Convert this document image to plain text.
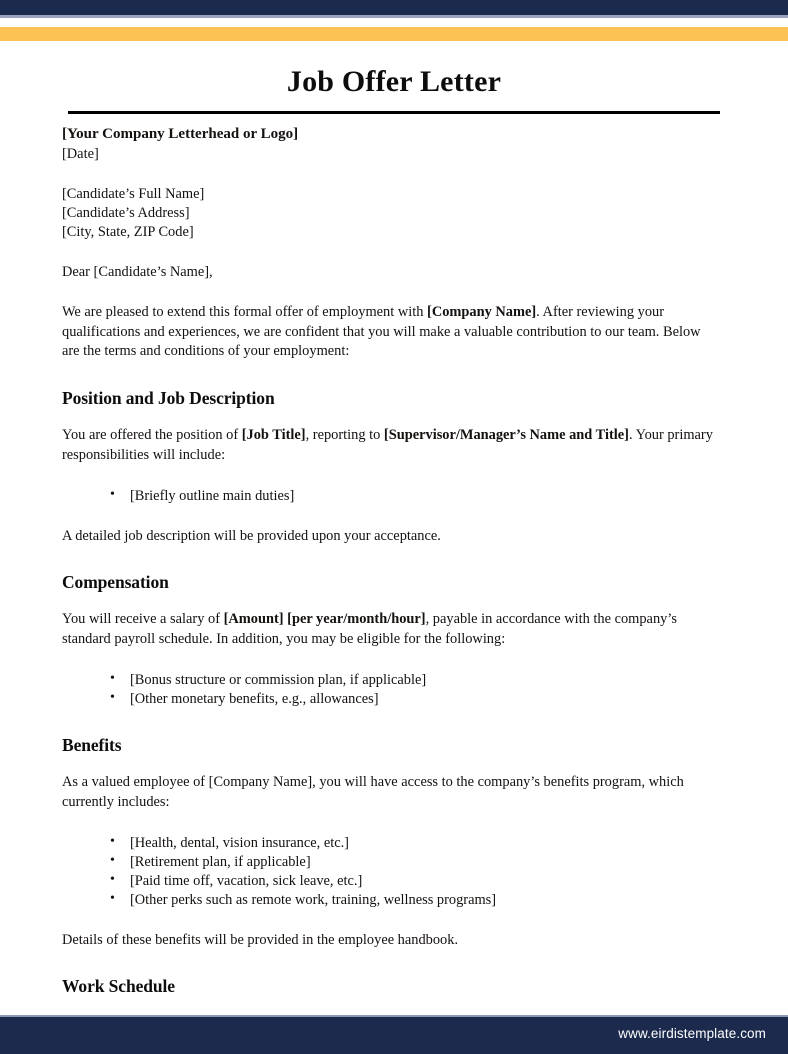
Job Offer Letter

[Your Company Letterhead or Logo]

[Date]

[Candidate’s Full Name]

[Candidate’s Address]

[City, State, ZIP Code]

Dear [Candidate’s Name],

We are pleased to extend this formal offer of employment with [Company Name]. After reviewing your qualifications and experiences, we are confident that you will make a valuable contribution to our team. Below are the terms and conditions of your employment:

Position and Job Description

You are offered the position of [Job Title], reporting to [Supervisor/Manager’s Name and Title]. Your primary responsibilities will include:

• [Briefly outline main duties]

A detailed job description will be provided upon your acceptance.

Compensation

You will receive a salary of [Amount] [per year/month/hour], payable in accordance with the company’s standard payroll schedule. In addition, you may be eligible for the following:

• [Bonus structure or commission plan, if applicable]
• [Other monetary benefits, e.g., allowances]
Benefits

As a valued employee of [Company Name], you will have access to the company’s benefits program, which currently includes:

• [Health, dental, vision insurance, etc.]
• [Retirement plan, if applicable]
• [Paid time off, vacation, sick leave, etc.]
• [Other perks such as remote work, training, wellness programs]

Details of these benefits will be provided in the employee handbook.

Work Schedule

www.eirdistemplate.com
